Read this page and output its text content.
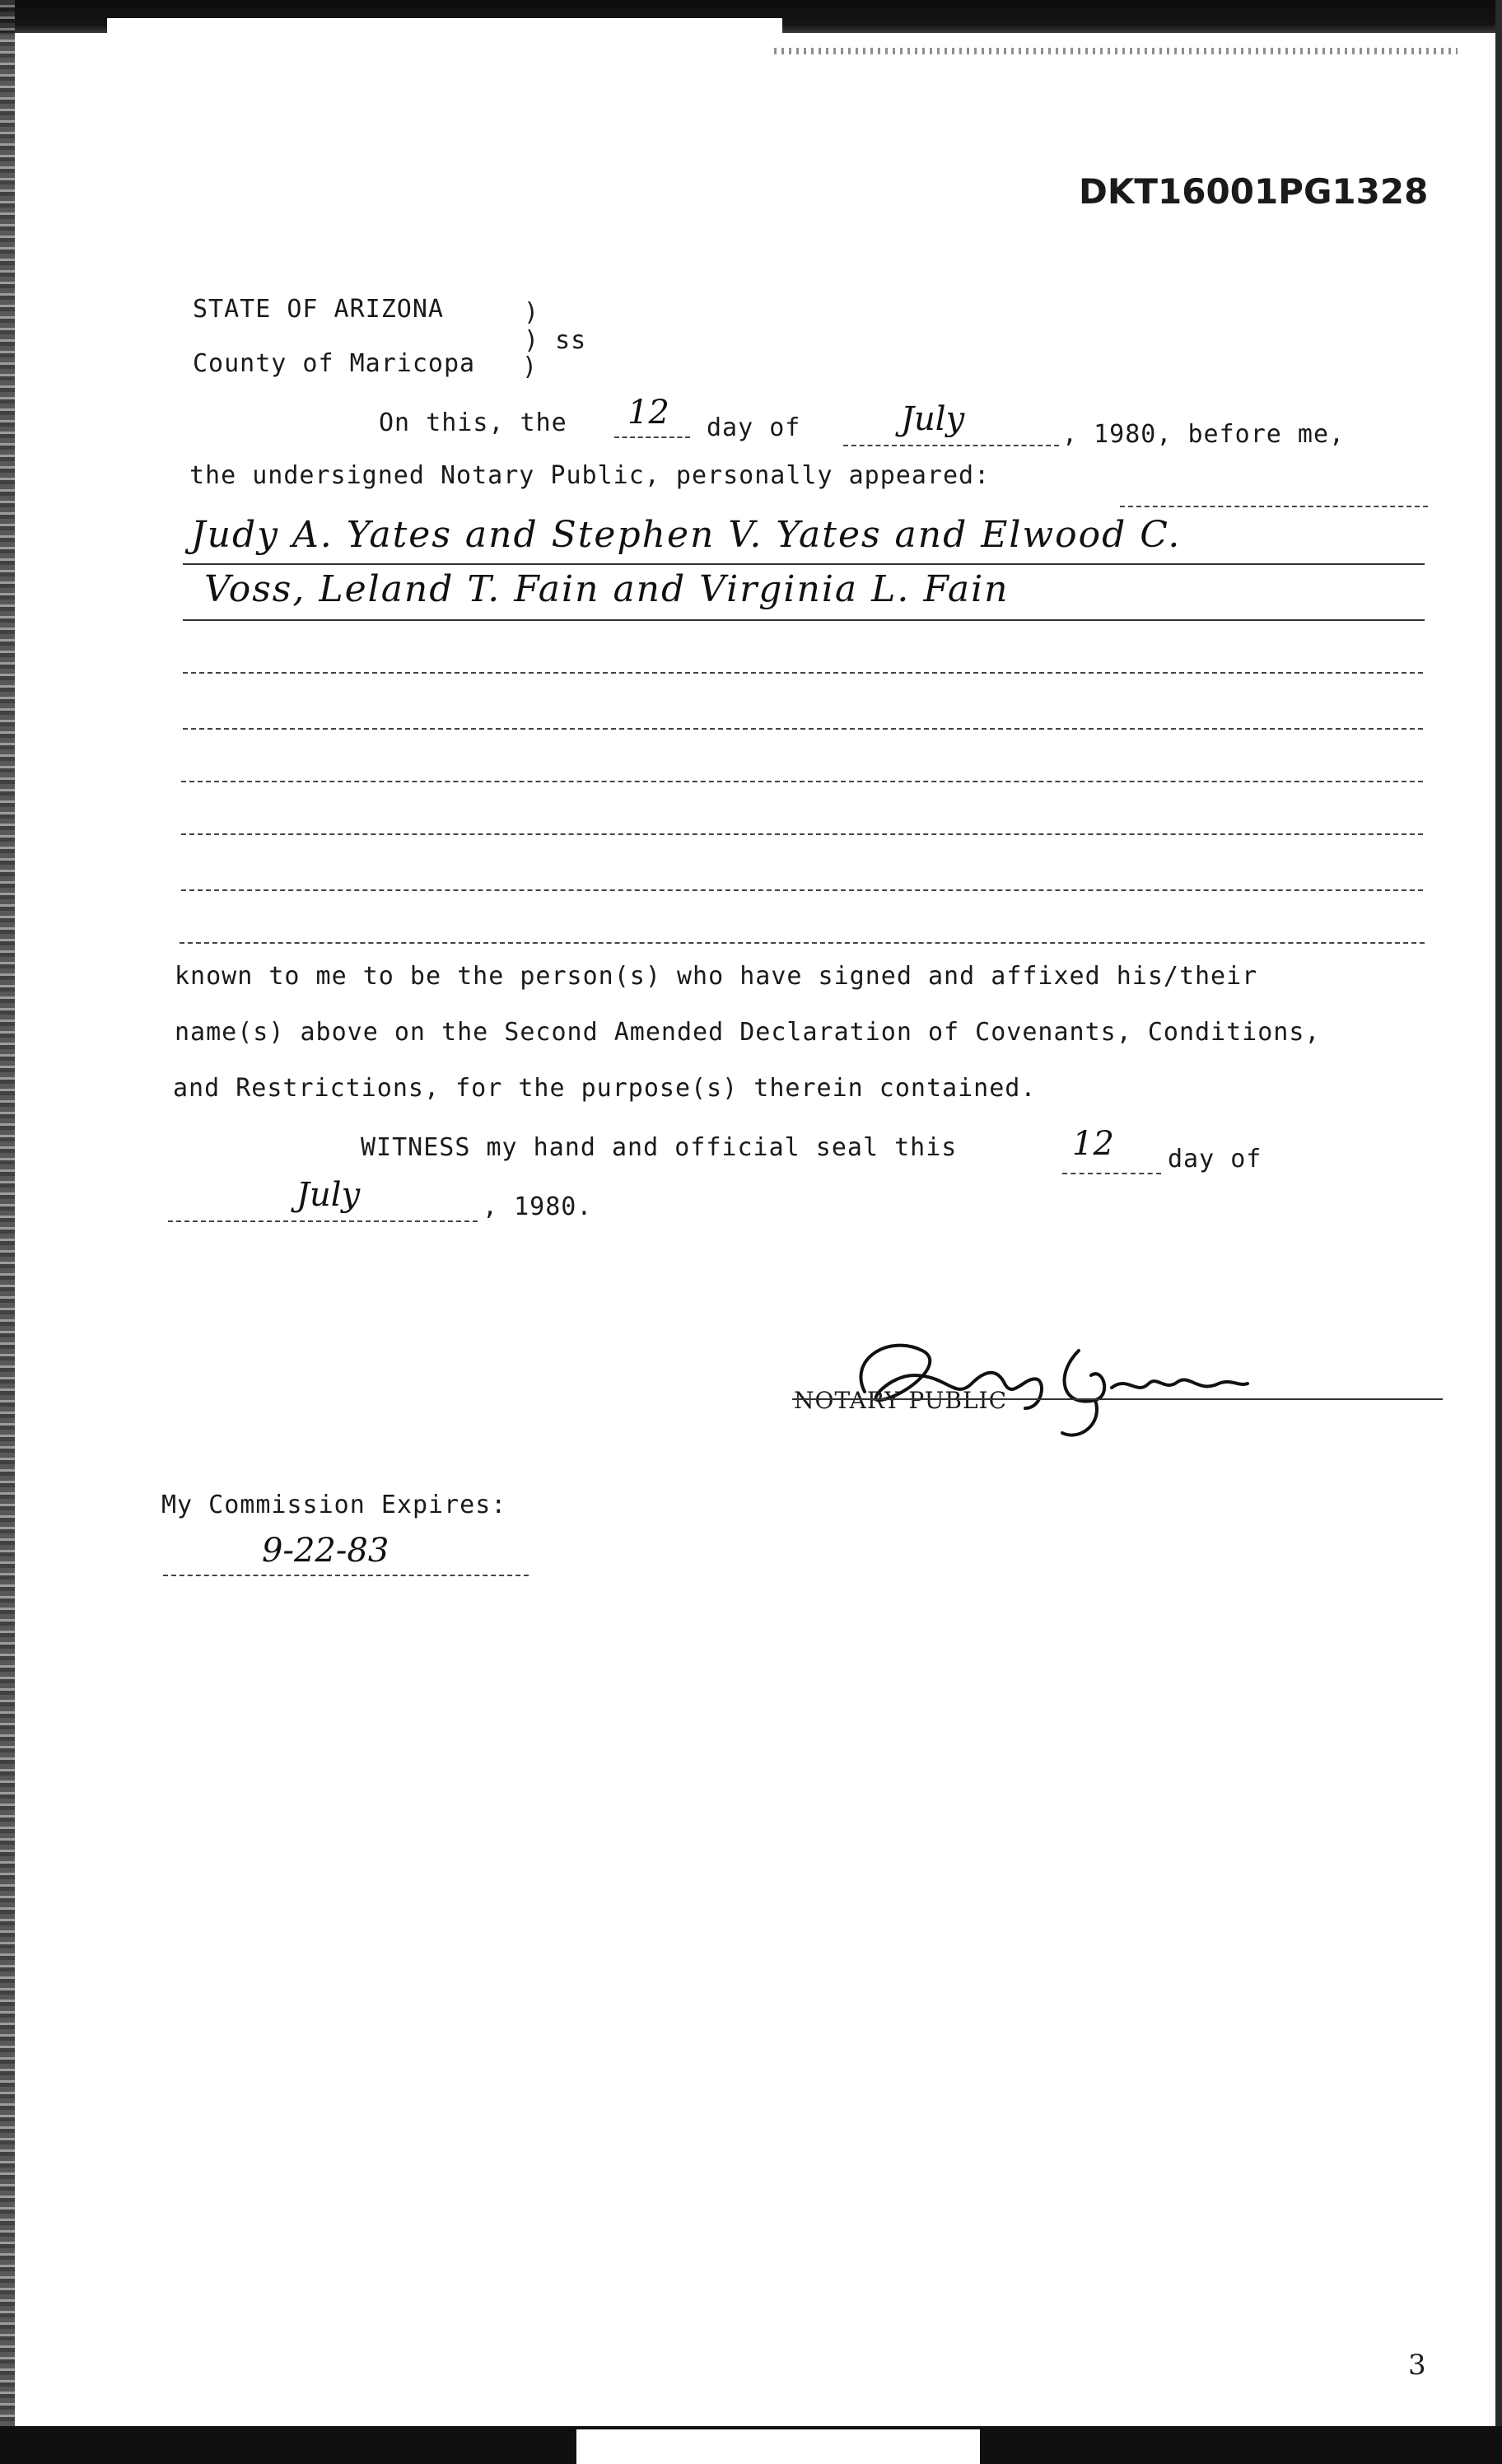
DKT16001PG1328
STATE OF ARIZONA	)
) ss
County of Maricopa )
On this, the 12 day of	July	, 1980, before me,
the undersigned Notary Public, personally appeared:
Judy A. Yates and Stephen V. Yates and Elwood C.
Voss, Leland T. Fain and Virginia L. Fain
known to me to be the person(s) who have signed and affixed his/their
name(s) above on the Second Amended Declaration of Covenants, Conditions,
and Restrictions, for the purpose(s) therein contained.
WITNESS my hand and official seal this	12 day of
July	, 1980.
NOTARY PUBLIC
My Commission Expires:
9-22-83
3
